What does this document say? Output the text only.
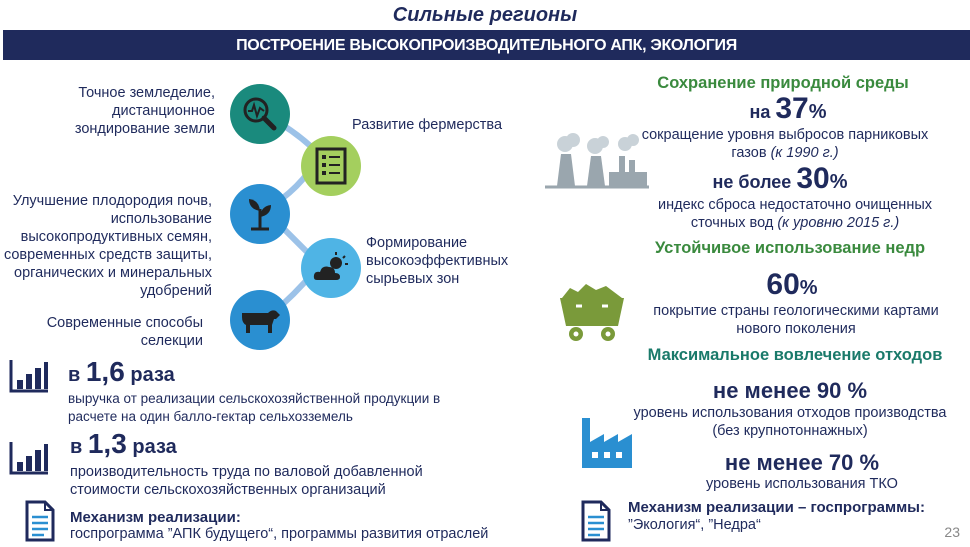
Сильные регионы
ПОСТРОЕНИЕ ВЫСОКОПРОИЗВОДИТЕЛЬНОГО АПК, ЭКОЛОГИЯ
Точное земледелие, дистанционное зондирование земли	Развитие фермерства
Улучшение плодородия почв, использование высокопродуктивных семян, современных средств защиты, органических и минеральных удобрений
Формирование высокоэффективных сырьевых зон
Современные способы селекции
в 1,6 раза
выручка от реализации сельскохозяйственной продукции в расчете на один балло-гектар сельхозземель
в 1,3 раза
производительность труда по валовой добавленной стоимости сельскохозяйственных организаций
Механизм реализации:
госпрограмма ”АПК будущего“, программы развития отраслей
Сохранение природной среды
на 37%
сокращение уровня выбросов парниковых газов (к 1990 г.)
не более 30%
индекс сброса недостаточно очищенных сточных вод (к уровню 2015 г.)
Устойчивое использование недр
60%
покрытие страны геологическими картами нового поколения
Максимальное вовлечение отходов
не менее 90 %
уровень использования отходов производства (без крупнотоннажных)
не менее 70 %
уровень использования ТКО
Механизм реализации – госпрограммы:
”Экология“, ”Недра“	23
